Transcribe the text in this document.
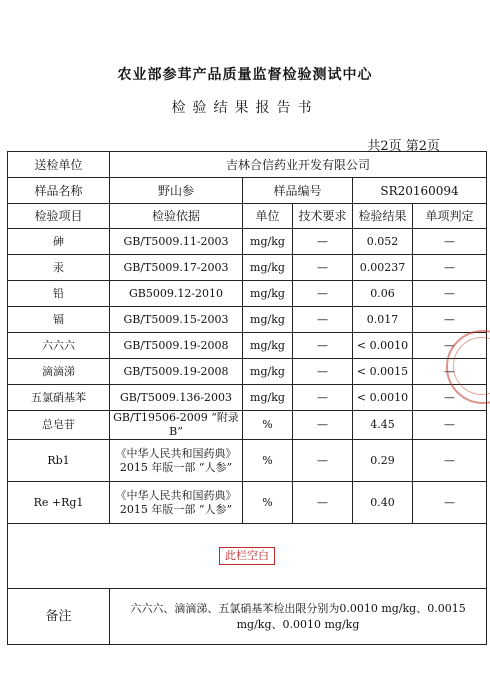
农业部参茸产品质量监督检验测试中心
检验结果报告书
共2页 第2页
送检单位	吉林合信药业开发有限公司				
样品名称	野山参	样品编号		SR20160094	
检验项目	检验依据	单位	技术要求	检验结果	单项判定
砷	GB/T5009.11-2003	mg/kg	—	0.052	—
汞	GB/T5009.17-2003	mg/kg	—	0.00237	—
铅	GB5009.12-2010	mg/kg	—	0.06	—
镉	GB/T5009.15-2003	mg/kg	—	0.017	—
六六六	GB/T5009.19-2008	mg/kg	—	< 0.0010	—
滴滴涕	GB/T5009.19-2008	mg/kg	—	< 0.0015	—
五氯硝基苯	GB/T5009.136-2003	mg/kg	—	< 0.0010	—
总皂苷	GB/T19506-2009 “附录 B”	%	—	4.45	—
Rb1	《中华人民共和国药典》2015 年版一部 “人参”	%	—	0.29	—
Re +Rg1	《中华人民共和国药典》2015 年版一部 “人参”	%	—	0.40	—
此栏空白					
备注	六六六、滴滴涕、五氯硝基苯检出限分别为0.0010 mg/kg、0.0015 mg/kg、0.0010 mg/kg				
